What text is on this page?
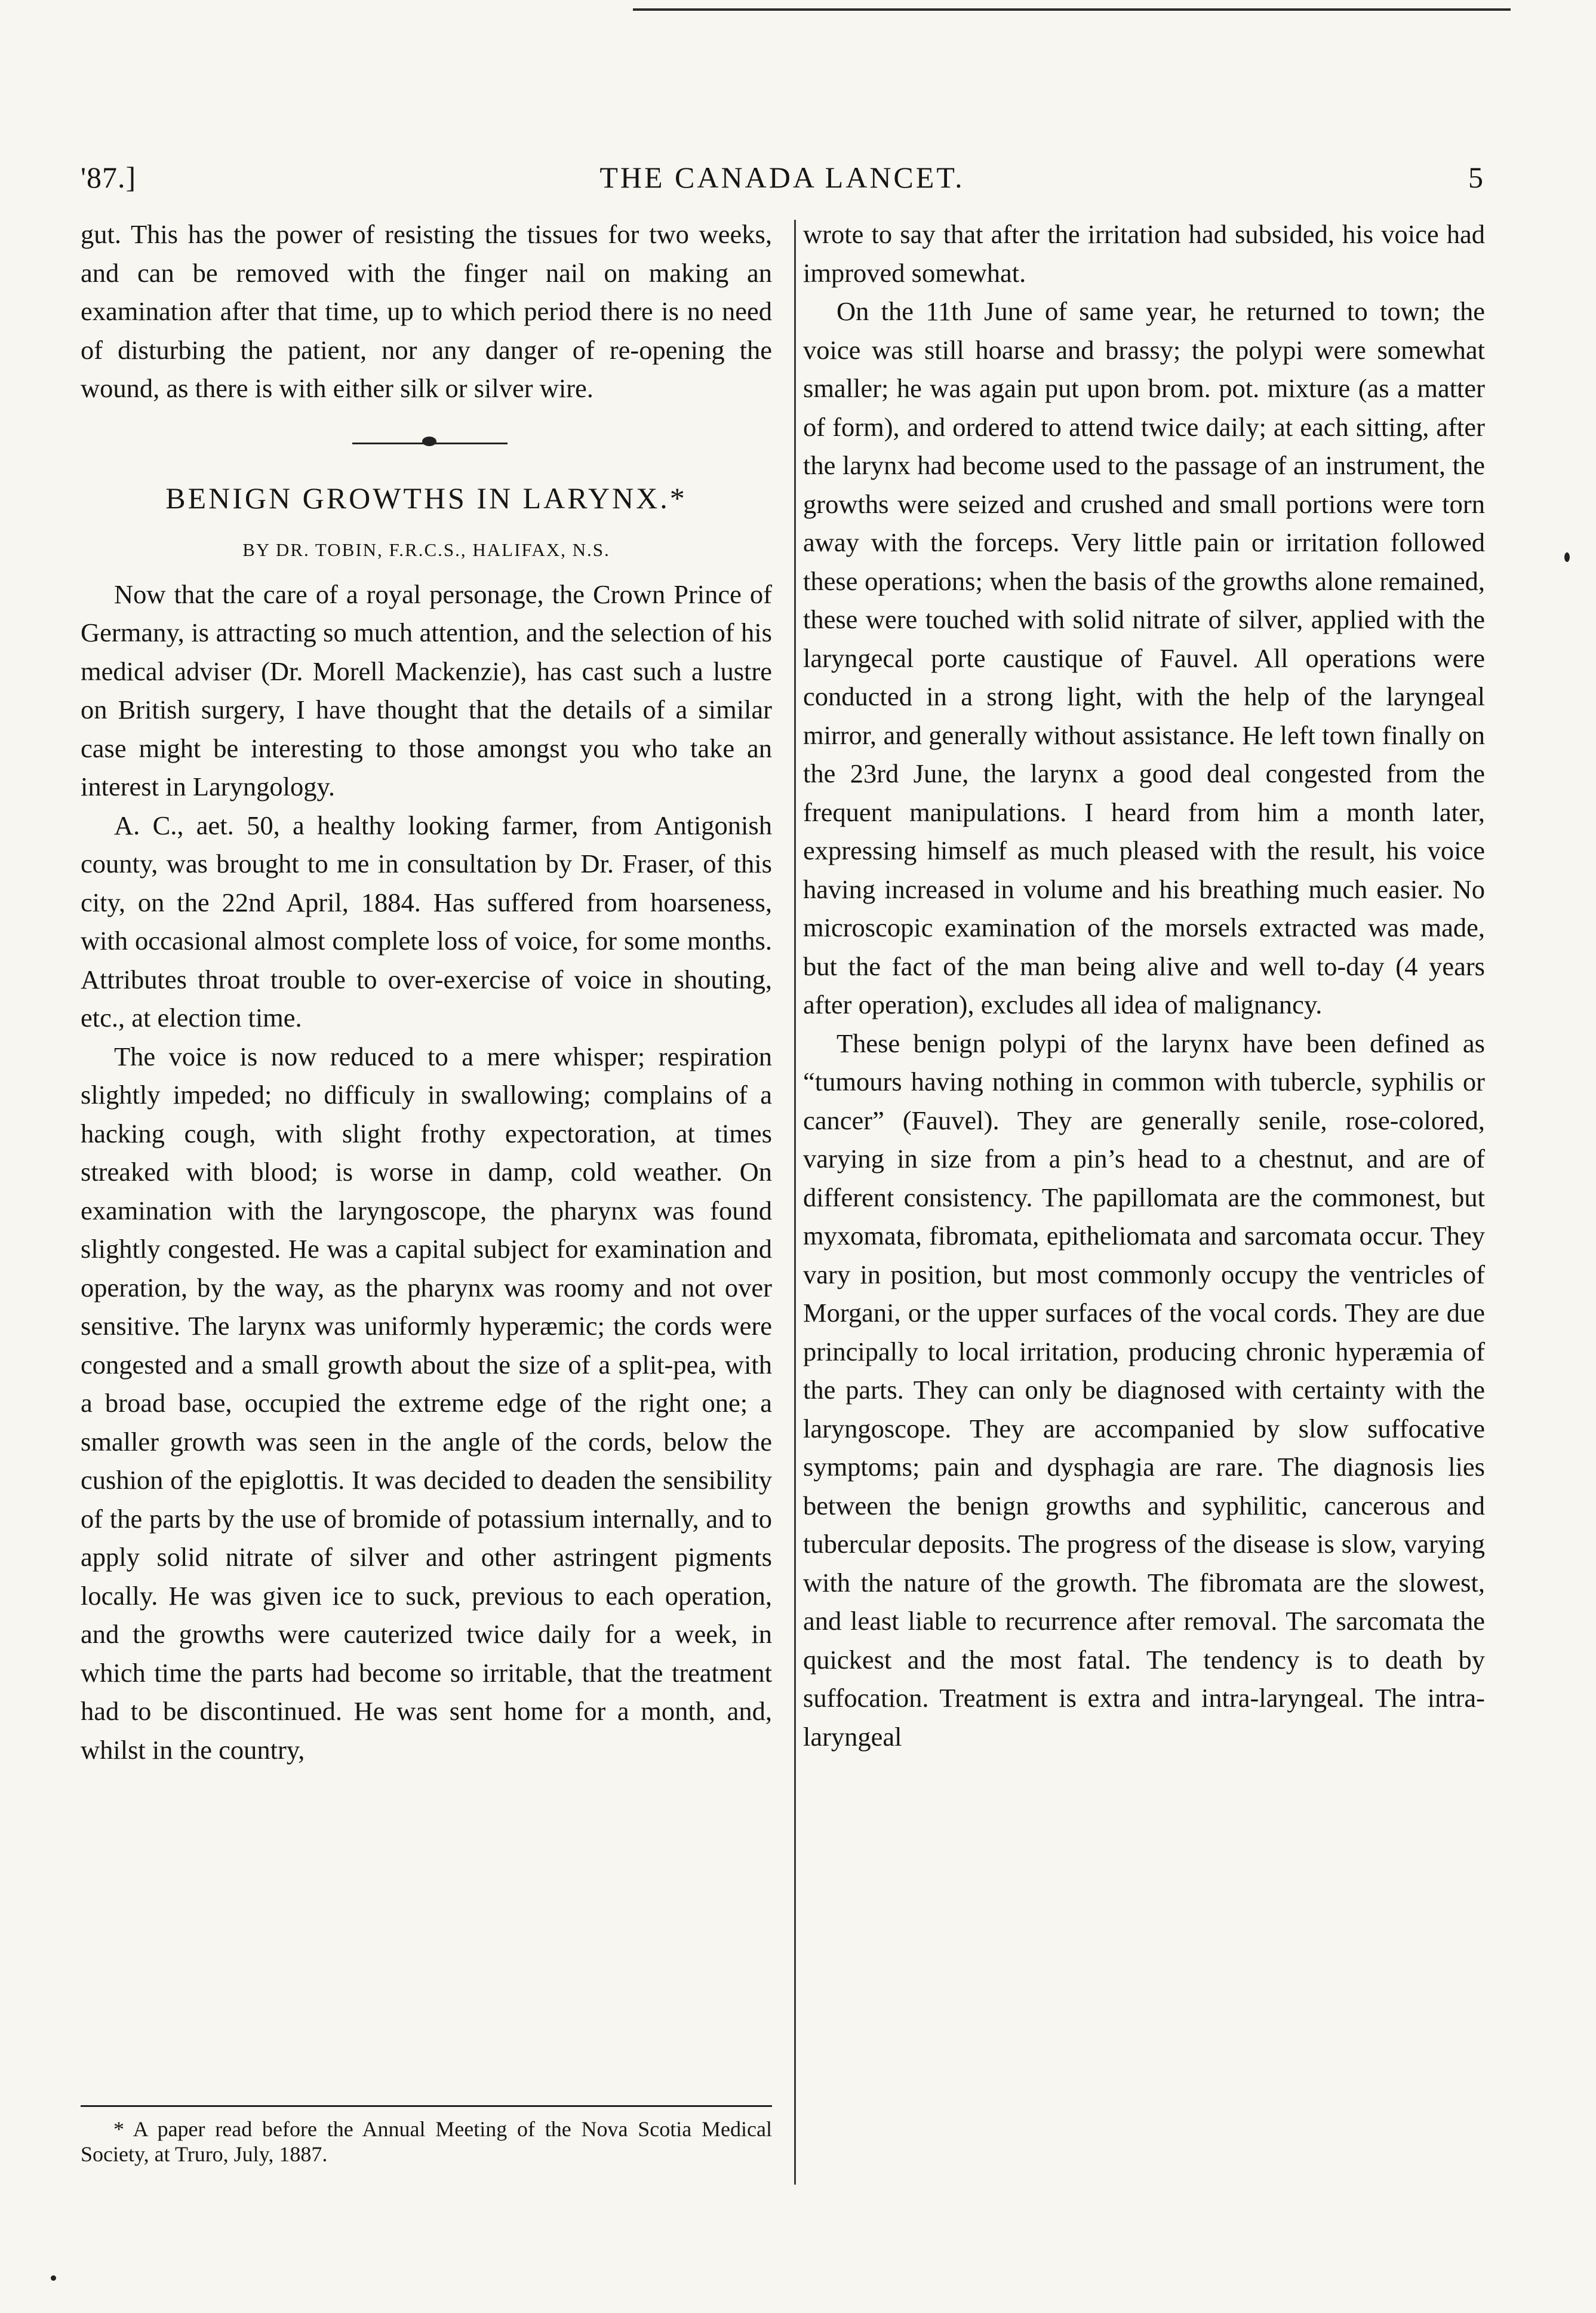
'87.]	THE CANADA LANCET.	5

gut. This has the power of resisting the tissues for two weeks, and can be removed with the finger nail on making an examination after that time, up to which period there is no need of disturbing the patient, nor any danger of re-opening the wound, as there is with either silk or silver wire.

BENIGN GROWTHS IN LARYNX.*
BY DR. TOBIN, F.R.C.S., HALIFAX, N.S.

Now that the care of a royal personage, the Crown Prince of Germany, is attracting so much attention, and the selection of his medical adviser (Dr. Morell Mackenzie), has cast such a lustre on British surgery, I have thought that the details of a similar case might be interesting to those amongst you who take an interest in Laryngology.

A. C., aet. 50, a healthy looking farmer, from Antigonish county, was brought to me in consultation by Dr. Fraser, of this city, on the 22nd April, 1884. Has suffered from hoarseness, with occasional almost complete loss of voice, for some months. Attributes throat trouble to over-exercise of voice in shouting, etc., at election time.

The voice is now reduced to a mere whisper; respiration slightly impeded; no difficuly in swallowing; complains of a hacking cough, with slight frothy expectoration, at times streaked with blood; is worse in damp, cold weather. On examination with the laryngoscope, the pharynx was found slightly congested. He was a capital subject for examination and operation, by the way, as the pharynx was roomy and not over sensitive. The larynx was uniformly hyperæmic; the cords were congested and a small growth about the size of a split-pea, with a broad base, occupied the extreme edge of the right one; a smaller growth was seen in the angle of the cords, below the cushion of the epiglottis. It was decided to deaden the sensibility of the parts by the use of bromide of potassium internally, and to apply solid nitrate of silver and other astringent pigments locally. He was given ice to suck, previous to each operation, and the growths were cauterized twice daily for a week, in which time the parts had become so irritable, that the treatment had to be discontinued. He was sent home for a month, and, whilst in the country,

* A paper read before the Annual Meeting of the Nova Scotia Medical Society, at Truro, July, 1887.

wrote to say that after the irritation had subsided, his voice had improved somewhat.

On the 11th June of same year, he returned to town; the voice was still hoarse and brassy; the polypi were somewhat smaller; he was again put upon brom. pot. mixture (as a matter of form), and ordered to attend twice daily; at each sitting, after the larynx had become used to the passage of an instrument, the growths were seized and crushed and small portions were torn away with the forceps. Very little pain or irritation followed these operations; when the basis of the growths alone remained, these were touched with solid nitrate of silver, applied with the laryngecal porte caustique of Fauvel. All operations were conducted in a strong light, with the help of the laryngeal mirror, and generally without assistance. He left town finally on the 23rd June, the larynx a good deal congested from the frequent manipulations. I heard from him a month later, expressing himself as much pleased with the result, his voice having increased in volume and his breathing much easier. No microscopic examination of the morsels extracted was made, but the fact of the man being alive and well to-day (4 years after operation), excludes all idea of malignancy.

These benign polypi of the larynx have been defined as “tumours having nothing in common with tubercle, syphilis or cancer” (Fauvel). They are generally senile, rose-colored, varying in size from a pin’s head to a chestnut, and are of different consistency. The papillomata are the commonest, but myxomata, fibromata, epitheliomata and sarcomata occur. They vary in position, but most commonly occupy the ventricles of Morgani, or the upper surfaces of the vocal cords. They are due principally to local irritation, producing chronic hyperæmia of the parts. They can only be diagnosed with certainty with the laryngoscope. They are accompanied by slow suffocative symptoms; pain and dysphagia are rare. The diagnosis lies between the benign growths and syphilitic, cancerous and tubercular deposits. The progress of the disease is slow, varying with the nature of the growth. The fibromata are the slowest, and least liable to recurrence after removal. The sarcomata the quickest and the most fatal. The tendency is to death by suffocation. Treatment is extra and intra-laryngeal. The intra-laryngeal
